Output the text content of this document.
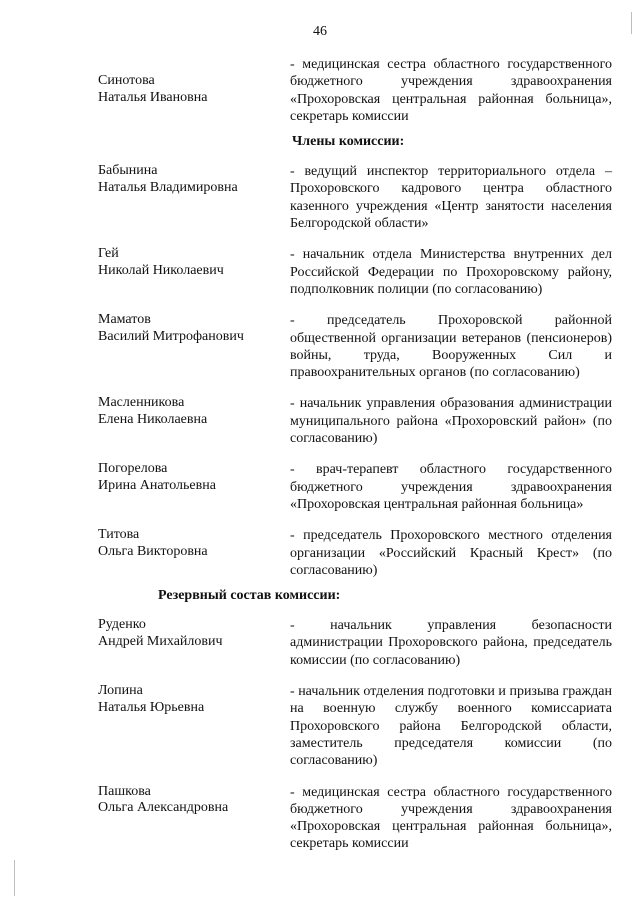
46
Синотова
Наталья Ивановна
- медицинская сестра областного государственного бюджетного учреждения здравоохранения «Прохоровская центральная районная больница», секретарь комиссии
Члены комиссии:
Бабынина
Наталья Владимировна
- ведущий инспектор территориального отдела – Прохоровского кадрового центра областного казенного учреждения «Центр занятости населения Белгородской области»
Гей
Николай Николаевич
- начальник отдела Министерства внутренних дел Российской Федерации по Прохоровскому району, подполковник полиции (по согласованию)
Маматов
Василий Митрофанович
- председатель Прохоровской районной общественной организации ветеранов (пенсионеров) войны, труда, Вооруженных Сил и правоохранительных органов (по согласованию)
Масленникова
Елена Николаевна
- начальник управления образования администрации муниципального района «Прохоровский район» (по согласованию)
Погорелова
Ирина Анатольевна
- врач-терапевт областного государственного бюджетного учреждения здравоохранения «Прохоровская центральная районная больница»
Титова
Ольга Викторовна
- председатель Прохоровского местного отделения организации «Российский Красный Крест» (по согласованию)
Резервный состав комиссии:
Руденко
Андрей Михайлович
- начальник управления безопасности администрации Прохоровского района, председатель комиссии (по согласованию)
Лопина
Наталья Юрьевна
- начальник отделения подготовки и призыва граждан на военную службу военного комиссариата Прохоровского района Белгородской области, заместитель председателя комиссии (по согласованию)
Пашкова
Ольга Александровна
- медицинская сестра областного государственного бюджетного учреждения здравоохранения «Прохоровская центральная районная больница», секретарь комиссии
